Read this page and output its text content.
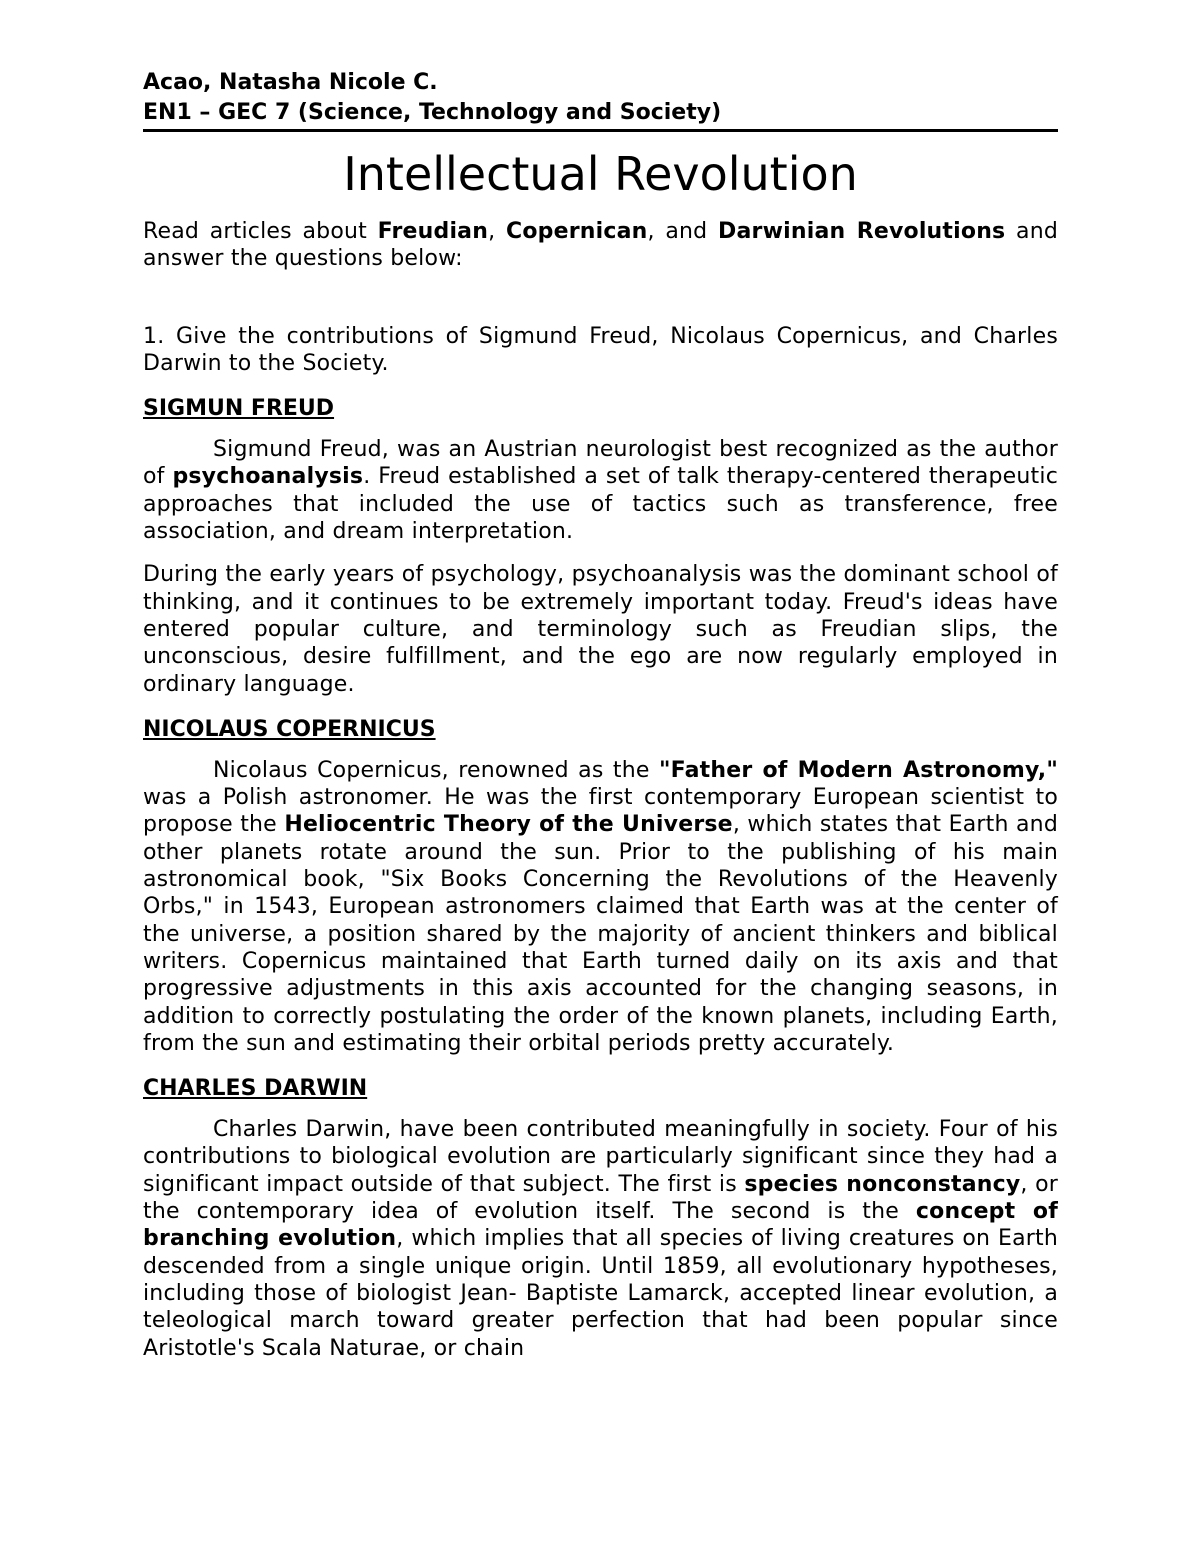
Acao, Natasha Nicole C.
EN1 – GEC 7 (Science, Technology and Society)
Intellectual Revolution

Read articles about Freudian, Copernican, and Darwinian Revolutions and answer the questions below:

1. Give the contributions of Sigmund Freud, Nicolaus Copernicus, and Charles Darwin to the Society.

SIGMUN FREUD

Sigmund Freud, was an Austrian neurologist best recognized as the author of psychoanalysis. Freud established a set of talk therapy-centered therapeutic approaches that included the use of tactics such as transference, free association, and dream interpretation.

During the early years of psychology, psychoanalysis was the dominant school of thinking, and it continues to be extremely important today. Freud's ideas have entered popular culture, and terminology such as Freudian slips, the unconscious, desire fulfillment, and the ego are now regularly employed in ordinary language.

NICOLAUS COPERNICUS

Nicolaus Copernicus, renowned as the "Father of Modern Astronomy," was a Polish astronomer. He was the first contemporary European scientist to propose the Heliocentric Theory of the Universe, which states that Earth and other planets rotate around the sun. Prior to the publishing of his main astronomical book, "Six Books Concerning the Revolutions of the Heavenly Orbs," in 1543, European astronomers claimed that Earth was at the center of the universe, a position shared by the majority of ancient thinkers and biblical writers. Copernicus maintained that Earth turned daily on its axis and that progressive adjustments in this axis accounted for the changing seasons, in addition to correctly postulating the order of the known planets, including Earth, from the sun and estimating their orbital periods pretty accurately.

CHARLES DARWIN

Charles Darwin, have been contributed meaningfully in society. Four of his contributions to biological evolution are particularly significant since they had a significant impact outside of that subject. The first is species nonconstancy, or the contemporary idea of evolution itself. The second is the concept of branching evolution, which implies that all species of living creatures on Earth descended from a single unique origin. Until 1859, all evolutionary hypotheses, including those of biologist Jean- Baptiste Lamarck, accepted linear evolution, a teleological march toward greater perfection that had been popular since Aristotle's Scala Naturae, or chain
